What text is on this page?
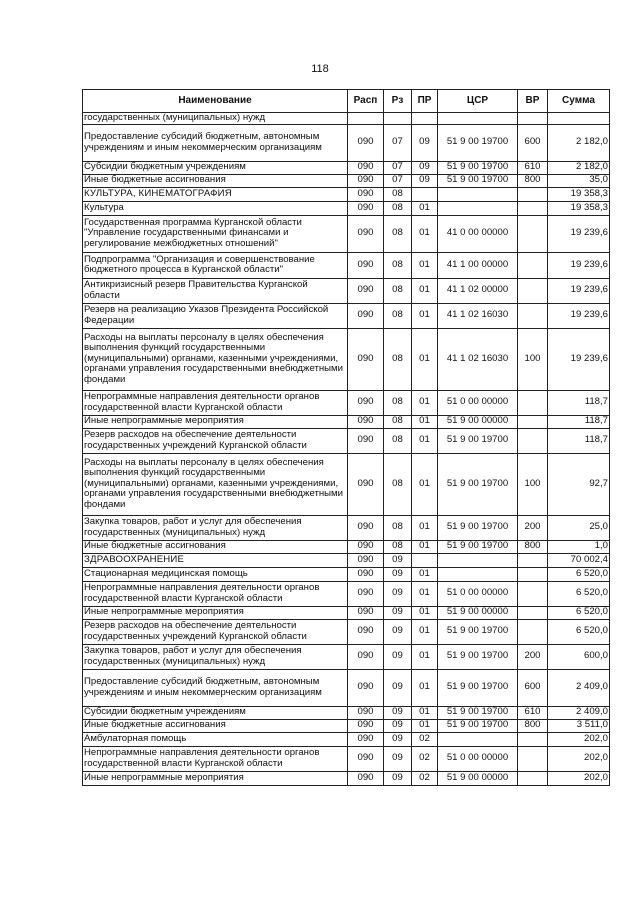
118
Наименование	Расп	Рз	ПР	ЦСР	ВР	Сумма
государственных (муниципальных) нужд						
Предоставление субсидий бюджетным, автономным учреждениям и иным некоммерческим организациям	090	07	09	51 9 00 19700	600	2 182,0
Субсидии бюджетным учреждениям	090	07	09	51 9 00 19700	610	2 182,0
Иные бюджетные ассигнования	090	07	09	51 9 00 19700	800	35,0
КУЛЬТУРА, КИНЕМАТОГРАФИЯ	090	08				19 358,3
Культура	090	08	01			19 358,3
Государственная программа Курганской области "Управление государственными финансами и регулирование межбюджетных отношений"	090	08	01	41 0 00 00000		19 239,6
Подпрограмма "Организация и совершенствование бюджетного процесса в Курганской области"	090	08	01	41 1 00 00000		19 239,6
Антикризисный резерв Правительства Курганской области	090	08	01	41 1 02 00000		19 239,6
Резерв на реализацию Указов Президента Российской Федерации	090	08	01	41 1 02 16030		19 239,6
Расходы на выплаты персоналу в целях обеспечения выполнения функций государственными (муниципальными) органами, казенными учреждениями, органами управления государственными внебюджетными фондами	090	08	01	41 1 02 16030	100	19 239,6
Непрограммные направления деятельности органов государственной власти Курганской области	090	08	01	51 0 00 00000		118,7
Иные непрограммные мероприятия	090	08	01	51 9 00 00000		118,7
Резерв расходов на обеспечение деятельности государственных учреждений Курганской области	090	08	01	51 9 00 19700		118,7
Расходы на выплаты персоналу в целях обеспечения выполнения функций государственными (муниципальными) органами, казенными учреждениями, органами управления государственными внебюджетными фондами	090	08	01	51 9 00 19700	100	92,7
Закупка товаров, работ и услуг для обеспечения государственных (муниципальных) нужд	090	08	01	51 9 00 19700	200	25,0
Иные бюджетные ассигнования	090	08	01	51 9 00 19700	800	1,0
ЗДРАВООХРАНЕНИЕ	090	09				70 002,4
Стационарная медицинская помощь	090	09	01			6 520,0
Непрограммные направления деятельности органов государственной власти Курганской области	090	09	01	51 0 00 00000		6 520,0
Иные непрограммные мероприятия	090	09	01	51 9 00 00000		6 520,0
Резерв расходов на обеспечение деятельности государственных учреждений Курганской области	090	09	01	51 9 00 19700		6 520,0
Закупка товаров, работ и услуг для обеспечения государственных (муниципальных) нужд	090	09	01	51 9 00 19700	200	600,0
Предоставление субсидий бюджетным, автономным учреждениям и иным некоммерческим организациям	090	09	01	51 9 00 19700	600	2 409,0
Субсидии бюджетным учреждениям	090	09	01	51 9 00 19700	610	2 409,0
Иные бюджетные ассигнования	090	09	01	51 9 00 19700	800	3 511,0
Амбулаторная помощь	090	09	02			202,0
Непрограммные направления деятельности органов государственной власти Курганской области	090	09	02	51 0 00 00000		202,0
Иные непрограммные мероприятия	090	09	02	51 9 00 00000		202,0
